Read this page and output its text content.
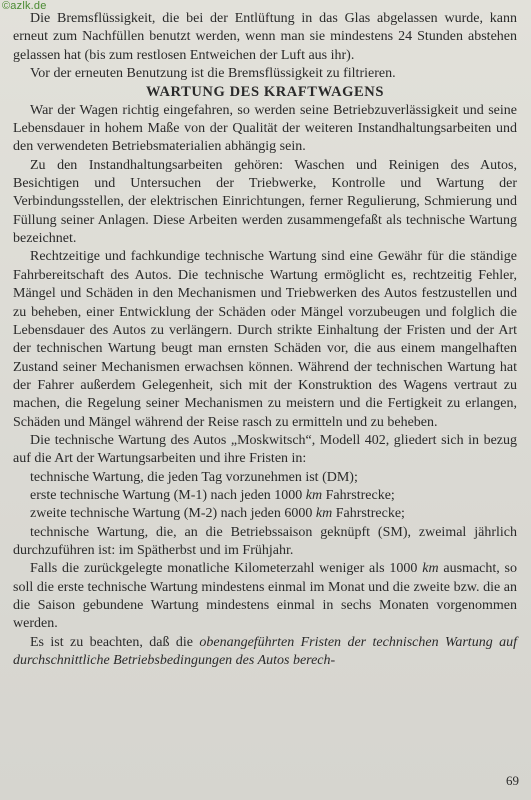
©azlk.de

Die Bremsflüssigkeit, die bei der Entlüftung in das Glas abgelassen wurde, kann erneut zum Nachfüllen benutzt werden, wenn man sie mindestens 24 Stunden abstehen gelassen hat (bis zum restlosen Entweichen der Luft aus ihr).

Vor der erneuten Benutzung ist die Bremsflüssigkeit zu filtrieren.

WARTUNG DES KRAFTWAGENS

War der Wagen richtig eingefahren, so werden seine Betriebzuverlässigkeit und seine Lebensdauer in hohem Maße von der Qualität der weiteren Instandhaltungsarbeiten und den verwendeten Betriebsmaterialien abhängig sein.

Zu den Instandhaltungsarbeiten gehören: Waschen und Reinigen des Autos, Besichtigen und Untersuchen der Triebwerke, Kontrolle und Wartung der Verbindungsstellen, der elektrischen Einrichtungen, ferner Regulierung, Schmierung und Füllung seiner Anlagen. Diese Arbeiten werden zusammengefaßt als technische Wartung bezeichnet.

Rechtzeitige und fachkundige technische Wartung sind eine Gewähr für die ständige Fahrbereitschaft des Autos. Die technische Wartung ermöglicht es, rechtzeitig Fehler, Mängel und Schäden in den Mechanismen und Triebwerken des Autos festzustellen und zu beheben, einer Entwicklung der Schäden oder Mängel vorzubeugen und folglich die Lebensdauer des Autos zu verlängern. Durch strikte Einhaltung der Fristen und der Art der technischen Wartung beugt man ernsten Schäden vor, die aus einem mangelhaften Zustand seiner Mechanismen erwachsen können. Während der technischen Wartung hat der Fahrer außerdem Gelegenheit, sich mit der Konstruktion des Wagens vertraut zu machen, die Regelung seiner Mechanismen zu meistern und die Fertigkeit zu erlangen, Schäden und Mängel während der Reise rasch zu ermitteln und zu beheben.

Die technische Wartung des Autos „Moskwitsch“, Modell 402, gliedert sich in bezug auf die Art der Wartungsarbeiten und ihre Fristen in:

technische Wartung, die jeden Tag vorzunehmen ist (DM);

erste technische Wartung (M-1) nach jeden 1000 km Fahrstrecke;

zweite technische Wartung (M-2) nach jeden 6000 km Fahrstrecke;

technische Wartung, die, an die Betriebssaison geknüpft (SM), zweimal jährlich durchzuführen ist: im Spätherbst und im Frühjahr.

Falls die zurückgelegte monatliche Kilometerzahl weniger als 1000 km ausmacht, so soll die erste technische Wartung mindestens einmal im Monat und die zweite bzw. die an die Saison gebundene Wartung mindestens einmal in sechs Monaten vorgenommen werden.

Es ist zu beachten, daß die obenangeführten Fristen der technischen Wartung auf durchschnittliche Betriebsbedingungen des Autos berech-

69
